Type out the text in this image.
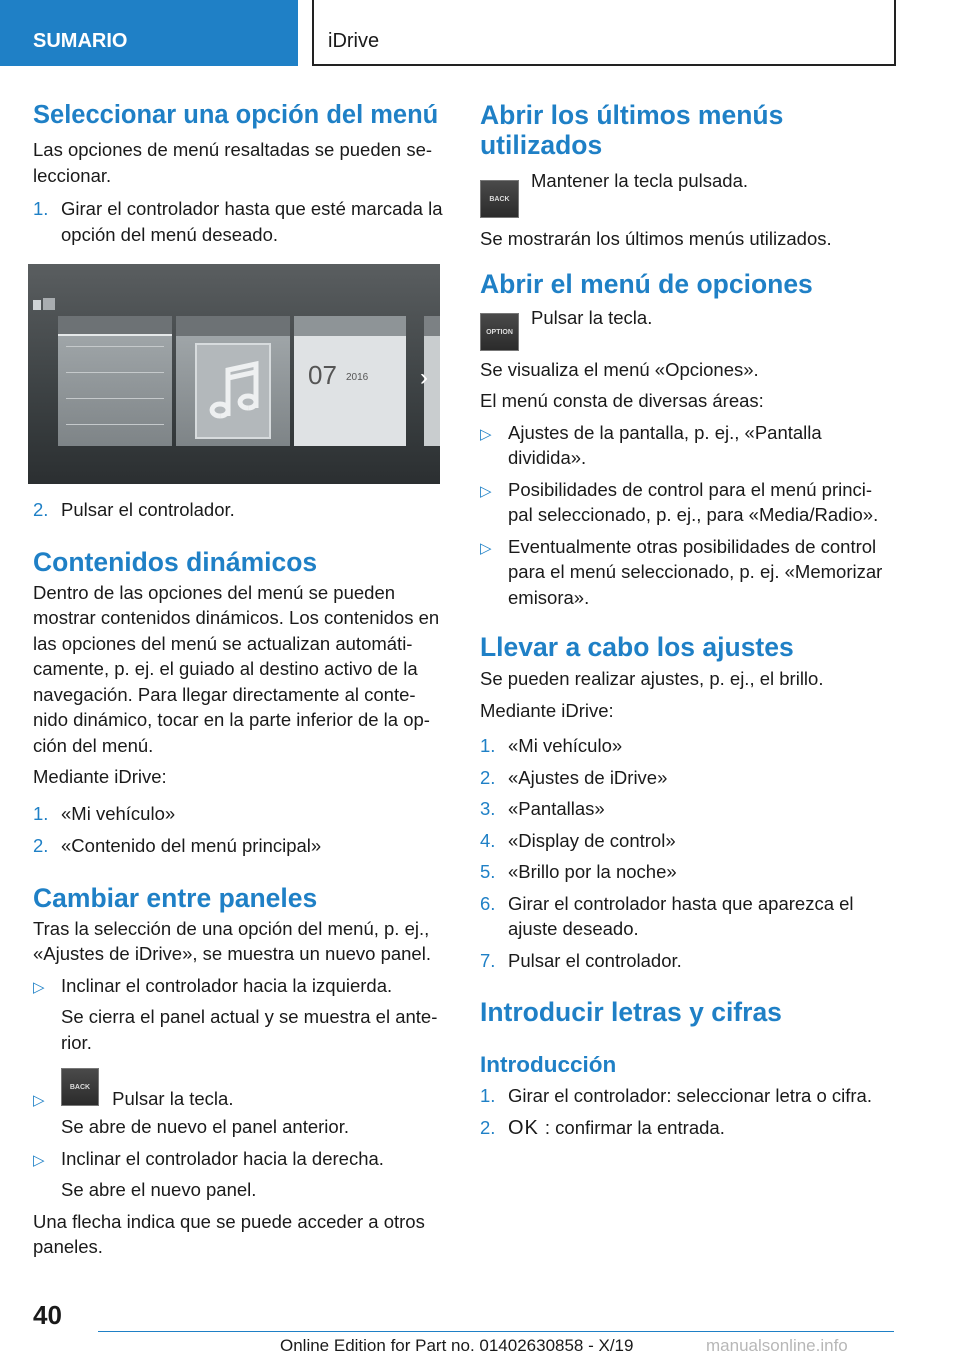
SUMARIO	iDrive
Seleccionar una opción del menú

Las opciones de menú resaltadas se pueden se- leccionar.

1. Girar el controlador hasta que esté marcada la opción del menú deseado.
07 2016 ›
2. Pulsar el controlador.
Contenidos dinámicos

Dentro de las opciones del menú se pueden mostrar contenidos dinámicos. Los contenidos en las opciones del menú se actualizan automáti- camente, p. ej. el guiado al destino activo de la navegación. Para llegar directamente al conte- nido dinámico, tocar en la parte inferior de la op- ción del menú.

Mediante iDrive:

1. «Mi vehículo»
2. «Contenido del menú principal»
Cambiar entre paneles

Tras la selección de una opción del menú, p. ej., «Ajustes de iDrive», se muestra un nuevo panel.

▷ Inclinar el controlador hacia la izquierda.
Se cierra el panel actual y se muestra el ante- rior.
▷
BACK Pulsar la tecla.
Se abre de nuevo el panel anterior.
▷ Inclinar el controlador hacia la derecha.
Se abre el nuevo panel.

Una flecha indica que se puede acceder a otros paneles.

Abrir los últimos menús utilizados
BACK
Mantener la tecla pulsada.

Se mostrarán los últimos menús utilizados.

Abrir el menú de opciones
OPTION
Pulsar la tecla.

Se visualiza el menú «Opciones».

El menú consta de diversas áreas:

▷ Ajustes de la pantalla, p. ej., «Pantalla dividida».
▷ Posibilidades de control para el menú princi- pal seleccionado, p. ej., para «Media/Radio».
▷ Eventualmente otras posibilidades de control para el menú seleccionado, p. ej. «Memorizar emisora».
Llevar a cabo los ajustes

Se pueden realizar ajustes, p. ej., el brillo.

Mediante iDrive:

1. «Mi vehículo»
2. «Ajustes de iDrive»
3. «Pantallas»
4. «Display de control»
5. «Brillo por la noche»
6. Girar el controlador hasta que aparezca el ajuste deseado.
7. Pulsar el controlador.
Introducir letras y cifras
Introducción
1. Girar el controlador: seleccionar letra o cifra.
2. OK : confirmar la entrada.
40
Online Edition for Part no. 01402630858 - X/19	manualsonline.info
